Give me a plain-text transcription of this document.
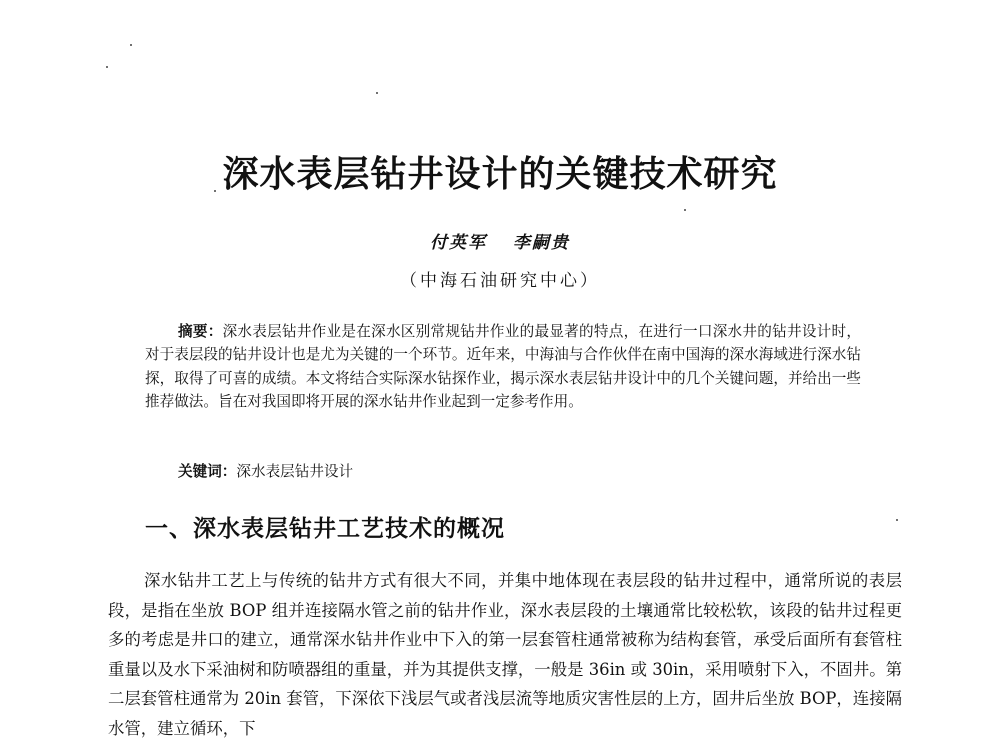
深水表层钻井设计的关键技术研究
付英军 李嗣贵
（中海石油研究中心）
摘要：深水表层钻井作业是在深水区别常规钻井作业的最显著的特点，在进行一口深水井的钻井设计时，对于表层段的钻井设计也是尤为关键的一个环节。近年来，中海油与合作伙伴在南中国海的深水海域进行深水钻探，取得了可喜的成绩。本文将结合实际深水钻探作业，揭示深水表层钻井设计中的几个关键问题，并给出一些推荐做法。旨在对我国即将开展的深水钻井作业起到一定参考作用。
关键词：深水表层钻井设计
一、深水表层钻井工艺技术的概况
深水钻井工艺上与传统的钻井方式有很大不同，并集中地体现在表层段的钻井过程中，通常所说的表层段，是指在坐放 BOP 组并连接隔水管之前的钻井作业，深水表层段的土壤通常比较松软，该段的钻井过程更多的考虑是井口的建立，通常深水钻井作业中下入的第一层套管柱通常被称为结构套管，承受后面所有套管柱重量以及水下采油树和防喷器组的重量，并为其提供支撑，一般是 36in 或 30in，采用喷射下入，不固井。第二层套管柱通常为 20in 套管，下深依下浅层气或者浅层流等地质灾害性层的上方，固井后坐放 BOP，连接隔水管，建立循环，下
